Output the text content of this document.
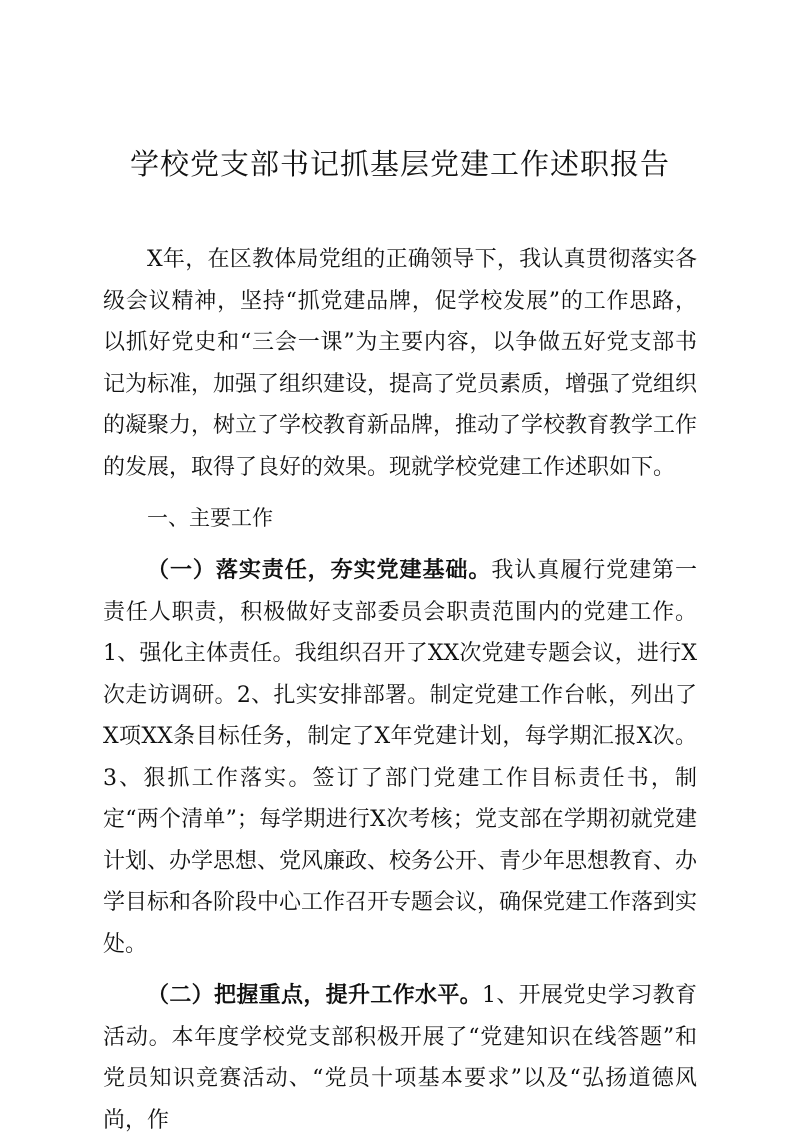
学校党支部书记抓基层党建工作述职报告

X年，在区教体局党组的正确领导下，我认真贯彻落实各级会议精神，坚持“抓党建品牌，促学校发展”的工作思路，以抓好党史和“三会一课”为主要内容，以争做五好党支部书记为标准，加强了组织建设，提高了党员素质，增强了党组织的凝聚力，树立了学校教育新品牌，推动了学校教育教学工作的发展，取得了良好的效果。现就学校党建工作述职如下。

一、主要工作

（一）落实责任，夯实党建基础。我认真履行党建第一责任人职责，积极做好支部委员会职责范围内的党建工作。1、强化主体责任。我组织召开了XX次党建专题会议，进行X次走访调研。2、扎实安排部署。制定党建工作台帐，列出了X项XX条目标任务，制定了X年党建计划，每学期汇报X次。3、狠抓工作落实。签订了部门党建工作目标责任书，制定“两个清单”；每学期进行X次考核；党支部在学期初就党建计划、办学思想、党风廉政、校务公开、青少年思想教育、办学目标和各阶段中心工作召开专题会议，确保党建工作落到实处。

（二）把握重点，提升工作水平。1、开展党史学习教育活动。本年度学校党支部积极开展了“党建知识在线答题”和党员知识竞赛活动、“党员十项基本要求”以及“弘扬道德风尚，作
